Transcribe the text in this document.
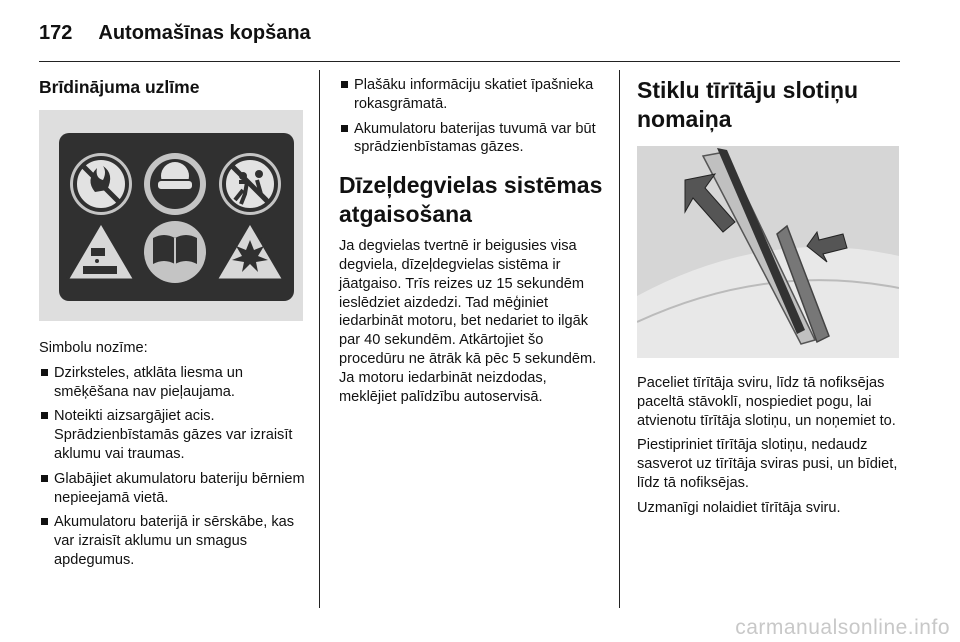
172 Automašīnas kopšana
Brīdinājuma uzlīme

Simbolu nozīme:

Dzirksteles, atklāta liesma un smēķēšana nav pieļaujama.
Noteikti aizsargājiet acis. Sprādzienbīstamās gāzes var izraisīt aklumu vai traumas.
Glabājiet akumulatoru bateriju bērniem nepieejamā vietā.
Akumulatoru baterijā ir sērskābe, kas var izraisīt aklumu un smagus apdegumus.
Plašāku informāciju skatiet īpašnieka rokasgrāmatā.
Akumulatoru baterijas tuvumā var būt sprādzienbīstamas gāzes.
Dīzeļdegvielas sistēmas atgaisošana

Ja degvielas tvertnē ir beigusies visa degviela, dīzeļdegvielas sistēma ir jāatgaiso. Trīs reizes uz 15 sekundēm ieslēdziet aizdedzi. Tad mēģiniet iedarbināt motoru, bet nedariet to ilgāk par 40 sekundēm. Atkārtojiet šo procedūru ne ātrāk kā pēc 5 sekundēm. Ja motoru iedarbināt neizdodas, meklējiet palīdzību autoservisā.

Stiklu tīrītāju slotiņu nomaiņa

Paceliet tīrītāja sviru, līdz tā nofiksējas paceltā stāvoklī, nospiediet pogu, lai atvienotu tīrītāja slotiņu, un noņemiet to.

Piestipriniet tīrītāja slotiņu, nedaudz sasverot uz tīrītāja sviras pusi, un bīdiet, līdz tā nofiksējas.

Uzmanīgi nolaidiet tīrītāja sviru.

carmanualsonline.info
